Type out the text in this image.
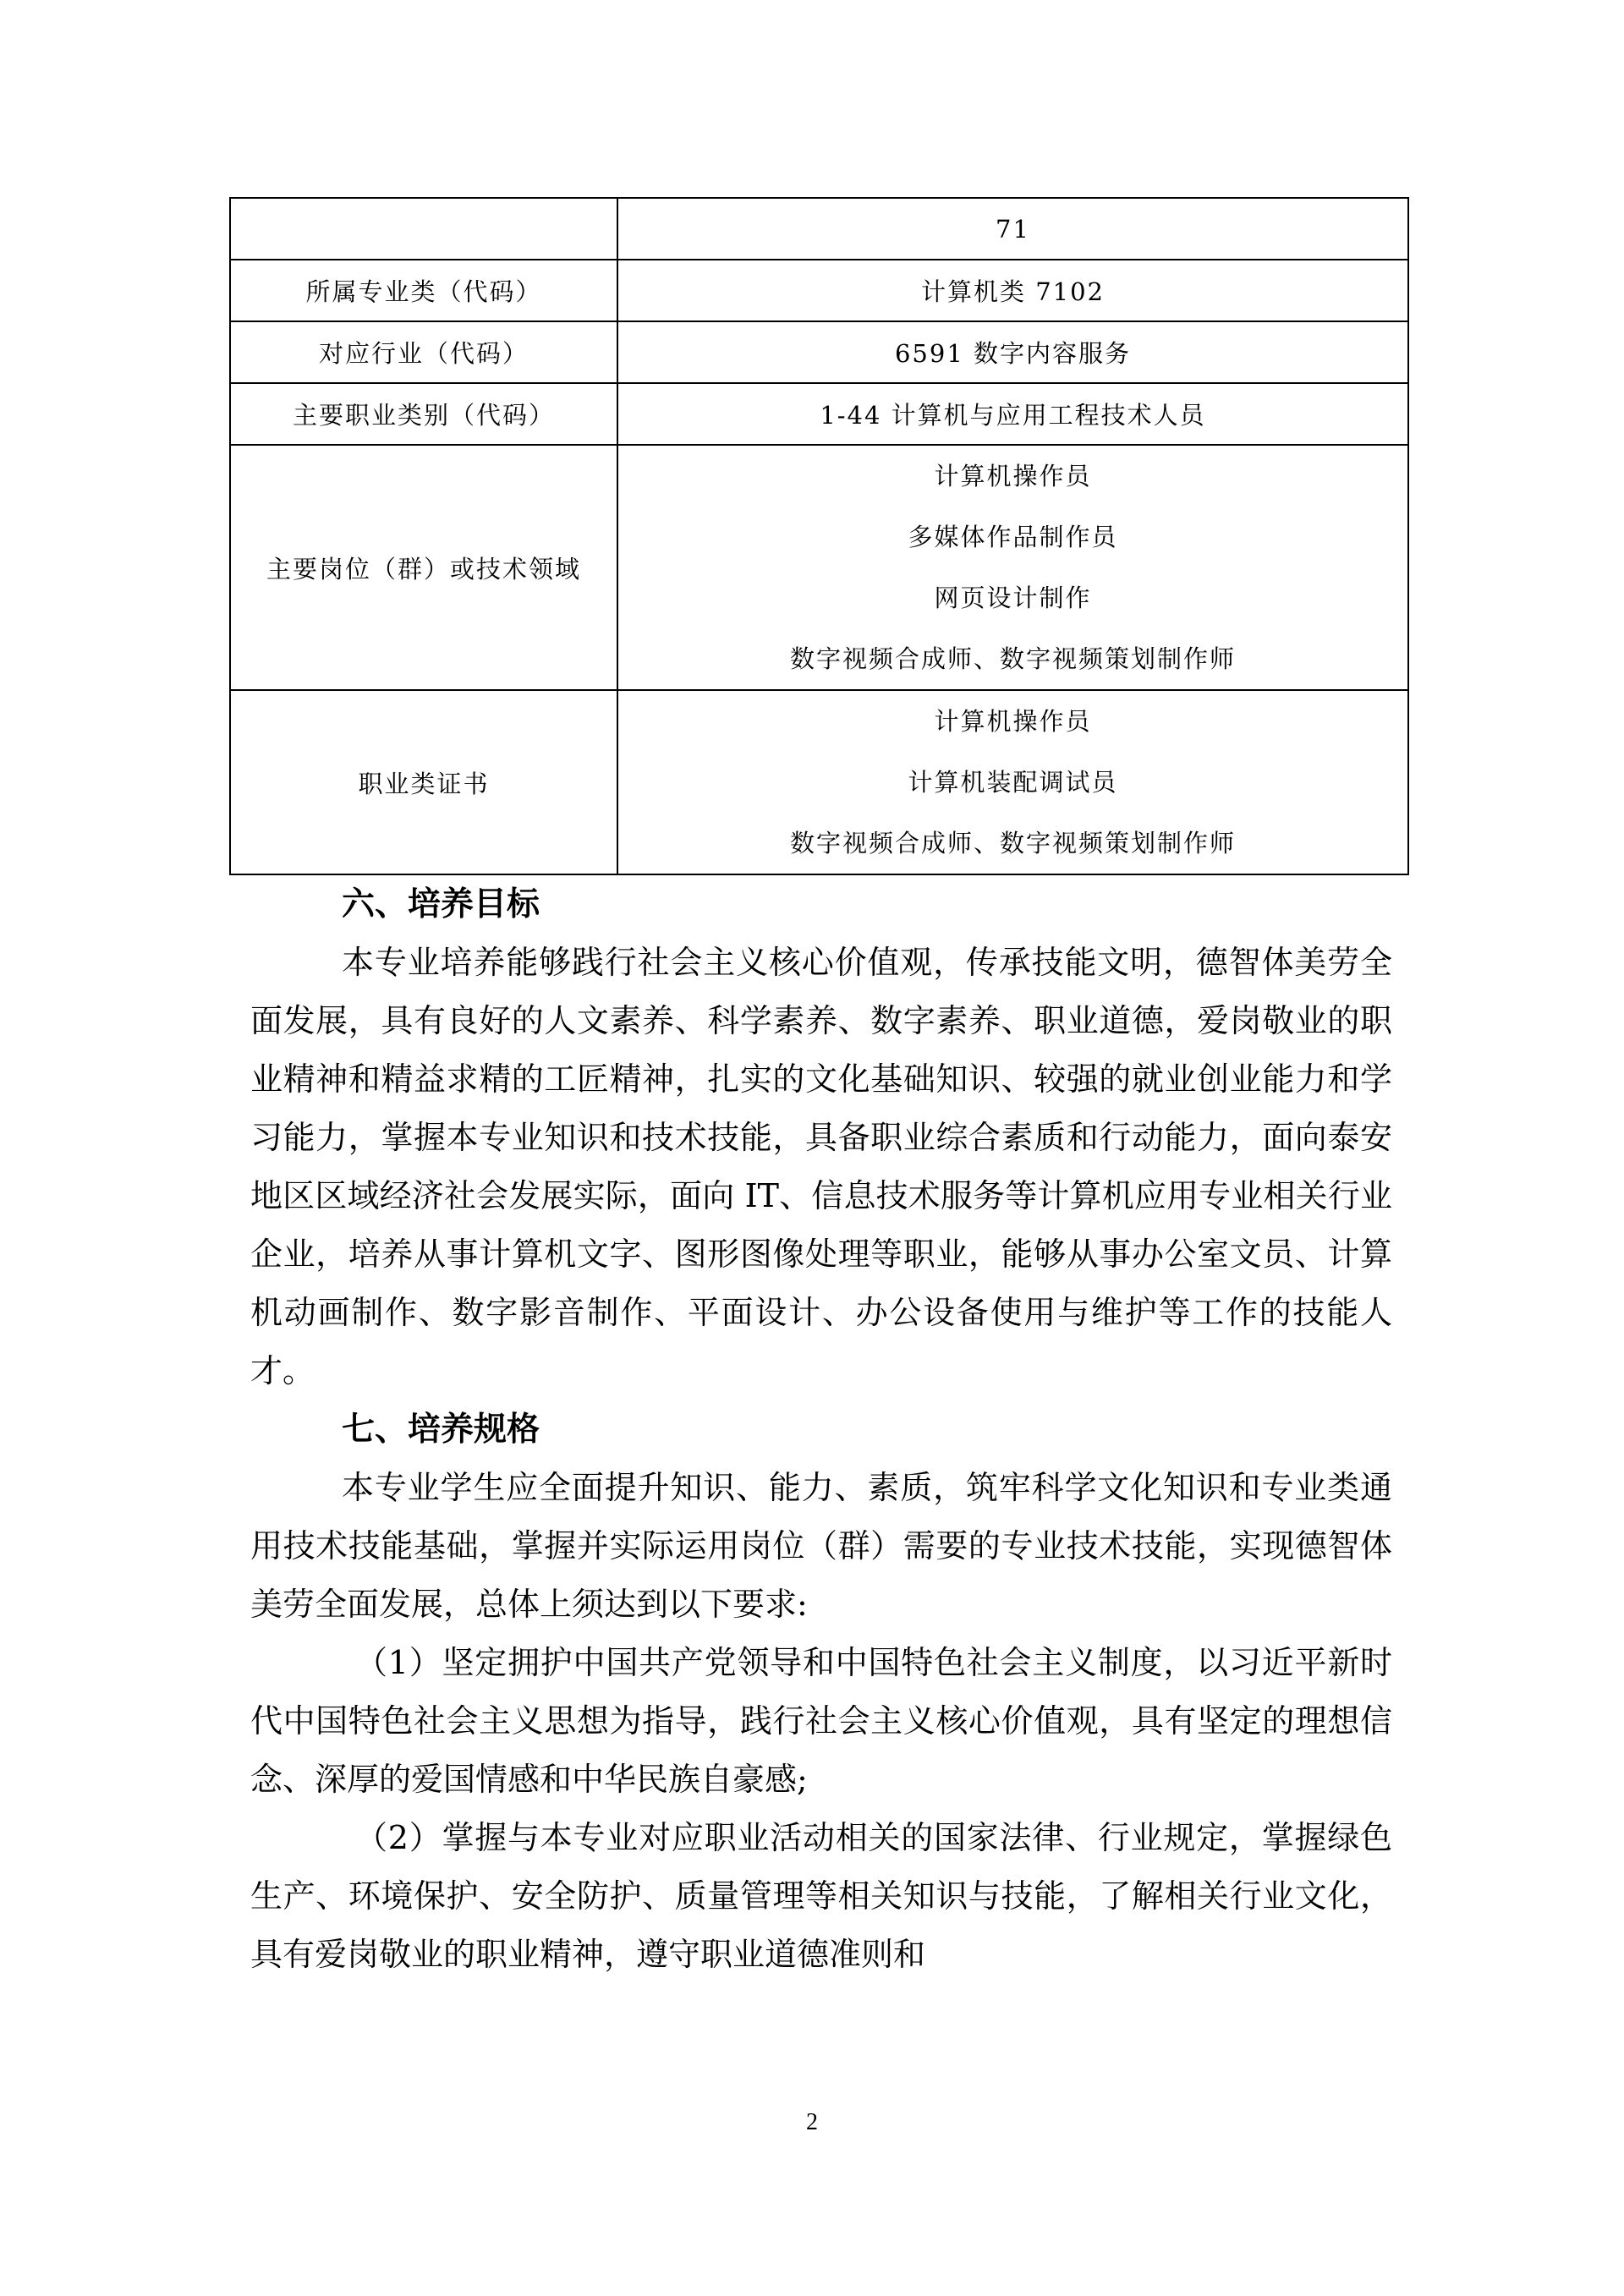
	71
所属专业类（代码）	计算机类 7102
对应行业（代码）	6591 数字内容服务
主要职业类别（代码）	1-44 计算机与应用工程技术人员
主要岗位（群）或技术领域	计算机操作员
多媒体作品制作员
网页设计制作
数字视频合成师、数字视频策划制作师

职业类证书	计算机操作员
计算机装配调试员
数字视频合成师、数字视频策划制作师
六、培养目标

本专业培养能够践行社会主义核心价值观，传承技能文明，德智体美劳全面发展，具有良好的人文素养、科学素养、数字素养、职业道德，爱岗敬业的职业精神和精益求精的工匠精神，扎实的文化基础知识、较强的就业创业能力和学习能力，掌握本专业知识和技术技能，具备职业综合素质和行动能力，面向泰安地区区域经济社会发展实际，面向 IT、信息技术服务等计算机应用专业相关行业企业，培养从事计算机文字、图形图像处理等职业，能够从事办公室文员、计算机动画制作、数字影音制作、平面设计、办公设备使用与维护等工作的技能人才。

七、培养规格

本专业学生应全面提升知识、能力、素质，筑牢科学文化知识和专业类通用技术技能基础，掌握并实际运用岗位（群）需要的专业技术技能，实现德智体美劳全面发展，总体上须达到以下要求:

（1）坚定拥护中国共产党领导和中国特色社会主义制度，以习近平新时代中国特色社会主义思想为指导，践行社会主义核心价值观，具有坚定的理想信念、深厚的爱国情感和中华民族自豪感;

（2）掌握与本专业对应职业活动相关的国家法律、行业规定，掌握绿色生产、环境保护、安全防护、质量管理等相关知识与技能，了解相关行业文化，具有爱岗敬业的职业精神，遵守职业道德准则和

2
